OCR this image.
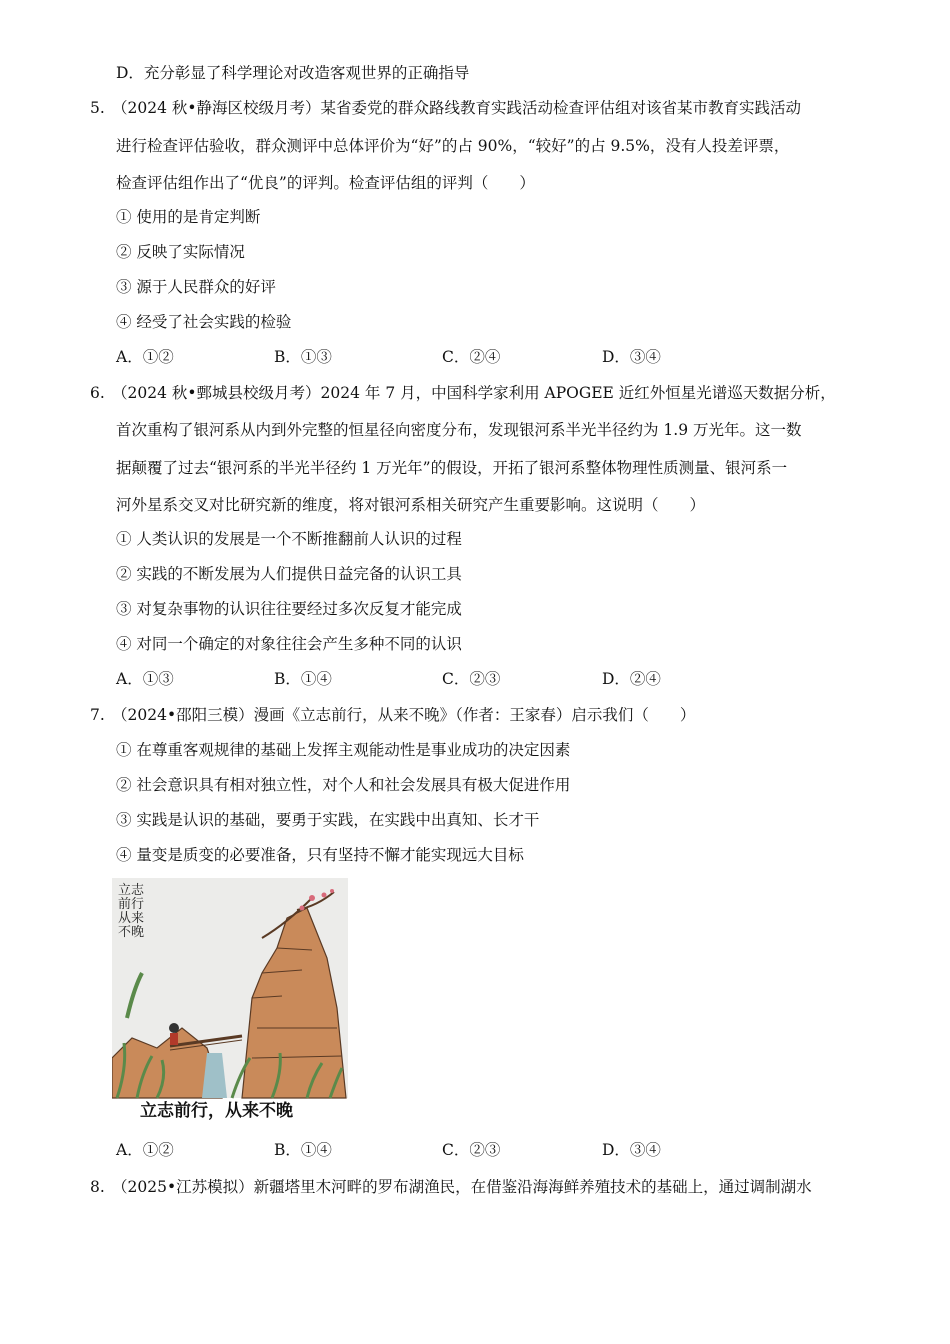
D．充分彰显了科学理论对改造客观世界的正确指导
5. （2024 秋•静海区校级月考）某省委党的群众路线教育实践活动检查评估组对该省某市教育实践活动
进行检查评估验收，群众测评中总体评价为“好”的占 90%，“较好”的占 9.5%，没有人投差评票，
检查评估组作出了“优良”的评判。检查评估组的评判（　　）
① 使用的是肯定判断
② 反映了实际情况
③ 源于人民群众的好评
④ 经受了社会实践的检验
A．①②	B．①③	C．②④	D．③④
6. （2024 秋•鄄城县校级月考）2024 年 7 月，中国科学家利用 APOGEE 近红外恒星光谱巡天数据分析，
首次重构了银河系从内到外完整的恒星径向密度分布，发现银河系半光半径约为 1.9 万光年。这一数
据颠覆了过去“银河系的半光半径约 1 万光年”的假设，开拓了银河系整体物理性质测量、银河系一
河外星系交叉对比研究新的维度，将对银河系相关研究产生重要影响。这说明（　　）
① 人类认识的发展是一个不断推翻前人认识的过程
② 实践的不断发展为人们提供日益完备的认识工具
③ 对复杂事物的认识往往要经过多次反复才能完成
④ 对同一个确定的对象往往会产生多种不同的认识
A．①③	B．①④	C．②③	D．②④
7. （2024•邵阳三模）漫画《立志前行，从来不晚》（作者：王家春）启示我们（　　）
① 在尊重客观规律的基础上发挥主观能动性是事业成功的决定因素
② 社会意识具有相对独立性，对个人和社会发展具有极大促进作用
③ 实践是认识的基础，要勇于实践，在实践中出真知、长才干
④ 量变是质变的必要准备，只有坚持不懈才能实现远大目标
立志
前行
从来
不晚
立志前行，从来不晚
A．①②	B．①④	C．②③	D．③④
8. （2025•江苏模拟）新疆塔里木河畔的罗布湖渔民，在借鉴沿海海鲜养殖技术的基础上，通过调制湖水
